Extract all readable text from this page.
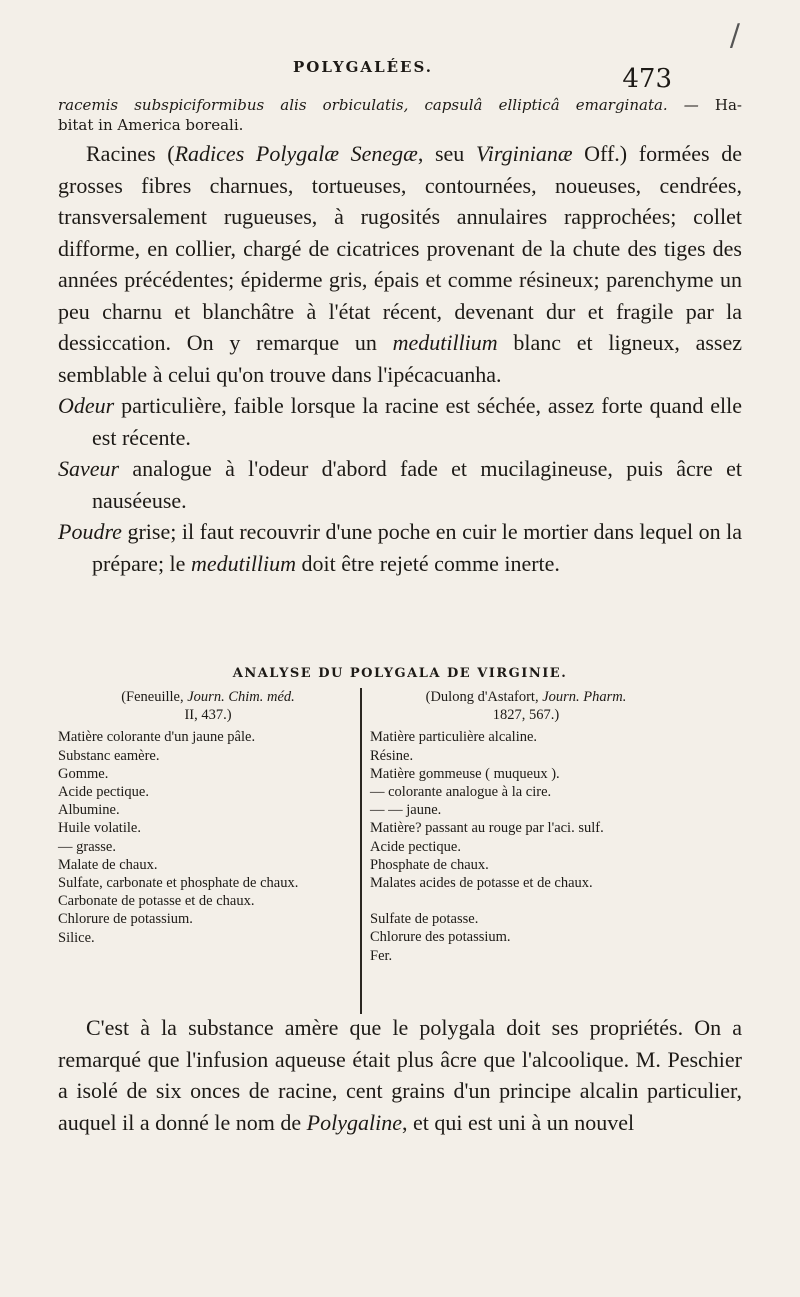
/
POLYGALÉES.	473
racemis subspiciformibus alis orbiculatis, capsulâ ellipticâ emarginata. — Ha-
bitat in America boreali.

Racines (Radices Polygalæ Senegæ, seu Virginianæ Off.) formées de grosses fibres charnues, tortueuses, contournées, noueuses, cendrées, transversalement rugueuses, à rugosités annulaires rapprochées; collet difforme, en collier, chargé de cicatrices provenant de la chute des tiges des années précédentes; épiderme gris, épais et comme résineux; parenchyme un peu charnu et blanchâtre à l'état récent, devenant dur et fragile par la dessiccation. On y remarque un medutillium blanc et ligneux, assez semblable à celui qu'on trouve dans l'ipécacuanha.

Odeur particulière, faible lorsque la racine est séchée, assez forte quand elle est récente.

Saveur analogue à l'odeur d'abord fade et mucilagineuse, puis âcre et nauséeuse.

Poudre grise; il faut recouvrir d'une poche en cuir le mortier dans lequel on la prépare; le medutillium doit être rejeté comme inerte.

ANALYSE DU POLYGALA DE VIRGINIE.
(Feneuille, Journ. Chim. méd.
II, 437.)
Matière colorante d'un jaune pâle.
Substanc eamère.
Gomme.
Acide pectique.
Albumine.
Huile volatile.
— grasse.
Malate de chaux.
Sulfate, carbonate et phosphate de chaux.
Carbonate de potasse et de chaux.
Chlorure de potassium.
Silice.
(Dulong d'Astafort, Journ. Pharm.
1827, 567.)
Matière particulière alcaline.
Résine.
Matière gommeuse ( muqueux ).
— colorante analogue à la cire.
— — jaune.
Matière? passant au rouge par l'aci. sulf.
Acide pectique.
Phosphate de chaux.
Malates acides de potasse et de chaux.
Sulfate de potasse.
Chlorure des potassium.
Fer.

C'est à la substance amère que le polygala doit ses propriétés. On a remarqué que l'infusion aqueuse était plus âcre que l'alcoolique. M. Peschier a isolé de six onces de racine, cent grains d'un principe alcalin particulier, auquel il a donné le nom de Polygaline, et qui est uni à un nouvel
